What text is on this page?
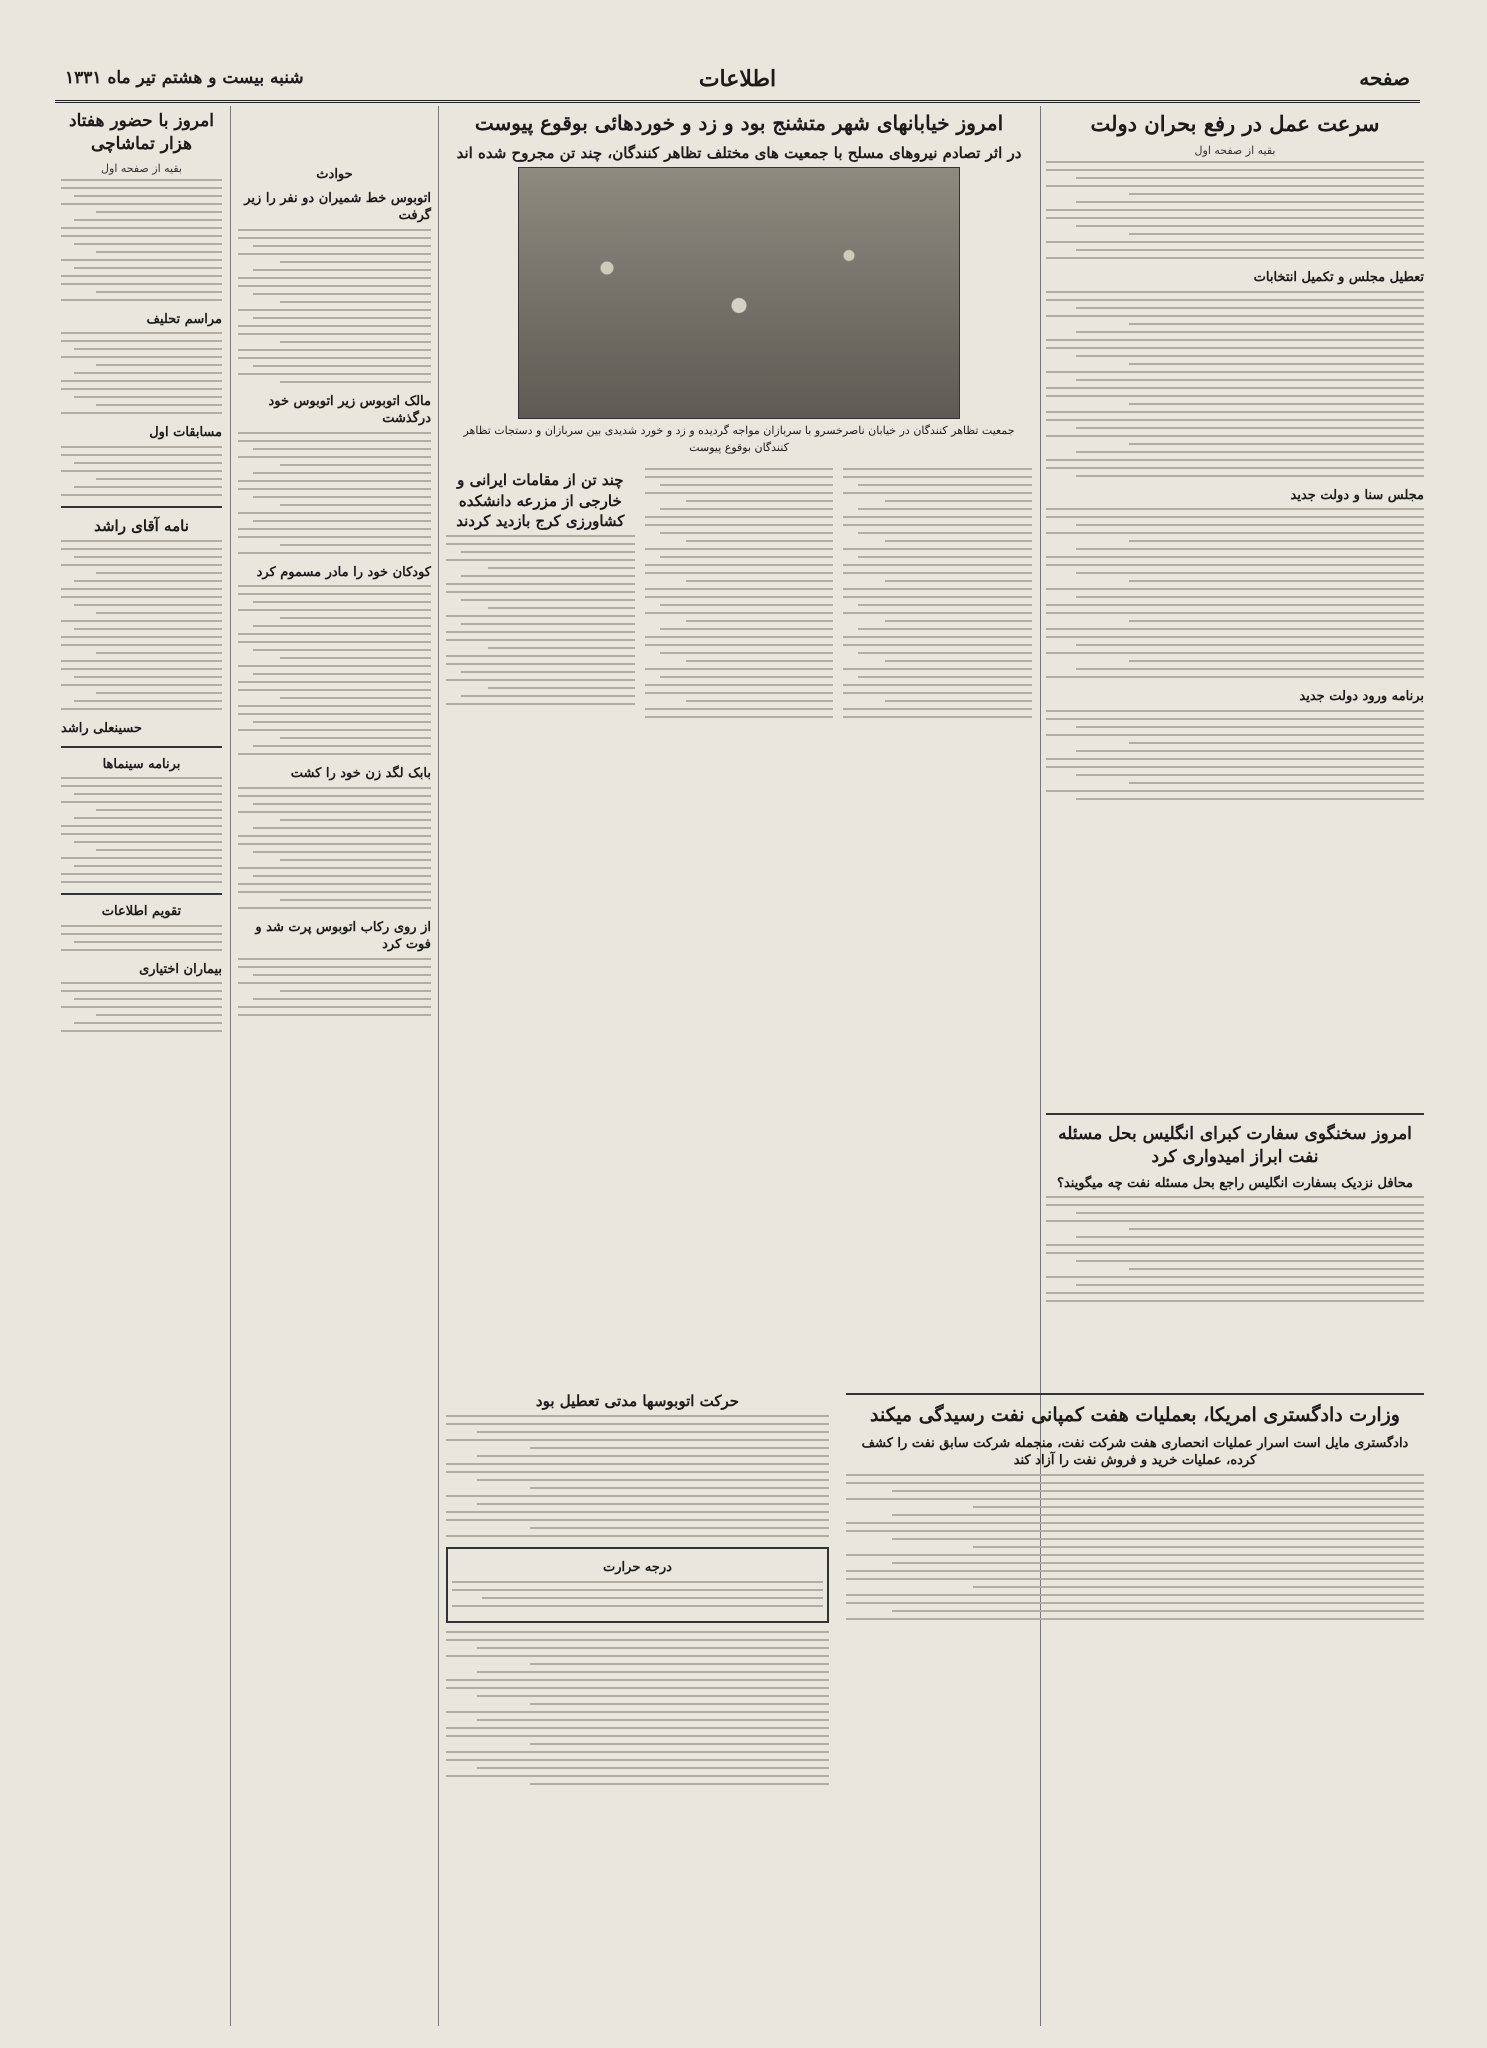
صفحه
اطلاعات
شنبه بیست و هشتم تیر ماه ۱۳۳۱
سرعت عمل در رفع بحران دولت
بقیه از صفحه اول
تعطیل مجلس و تکمیل انتخابات
مجلس سنا و دولت جدید
برنامه ورود دولت جدید
امروز خیابانهای شهر متشنج بود و زد و خوردهائی بوقوع پیوست
در اثر تصادم نیروهای مسلح با جمعیت های مختلف تظاهر کنندگان، چند تن مجروح شده اند
جمعیت تظاهر کنندگان در خیابان ناصرخسرو با سربازان مواجه گردیده و زد و خورد شدیدی بین سربازان و دستجات تظاهر کنندگان بوقوع پیوست
چند تن از مقامات ایرانی و خارجی از مزرعه دانشکده کشاورزی کرج بازدید کردند
امروز سخنگوی سفارت کبرای انگلیس بحل مسئله نفت ابراز امیدواری کرد
محافل نزدیک بسفارت انگلیس راجع بحل مسئله نفت چه میگویند؟
وزارت دادگستری امریکا، بعملیات هفت کمپانی نفت رسیدگی میکند
دادگستری مایل است اسرار عملیات انحصاری هفت شرکت نفت، منجمله شرکت سابق نفت را کشف کرده، عملیات خرید و فروش نفت را آزاد کند
حرکت اتوبوسها مدتی تعطیل بود
درجه حرارت
حوادث
اتوبوس خط شمیران دو نفر را زیر گرفت
مالک اتوبوس زیر اتوبوس خود درگذشت
کودکان خود را مادر مسموم کرد
بابک لگد زن خود را کشت
از روی رکاب اتوبوس پرت شد و فوت کرد
امروز با حضور هفتاد هزار تماشاچی
بقیه از صفحه اول
مراسم تحلیف
مسابقات اول
نامه آقای راشد
حسینعلی راشد
برنامه سینماها
تقویم اطلاعات
بیماران اختیاری
